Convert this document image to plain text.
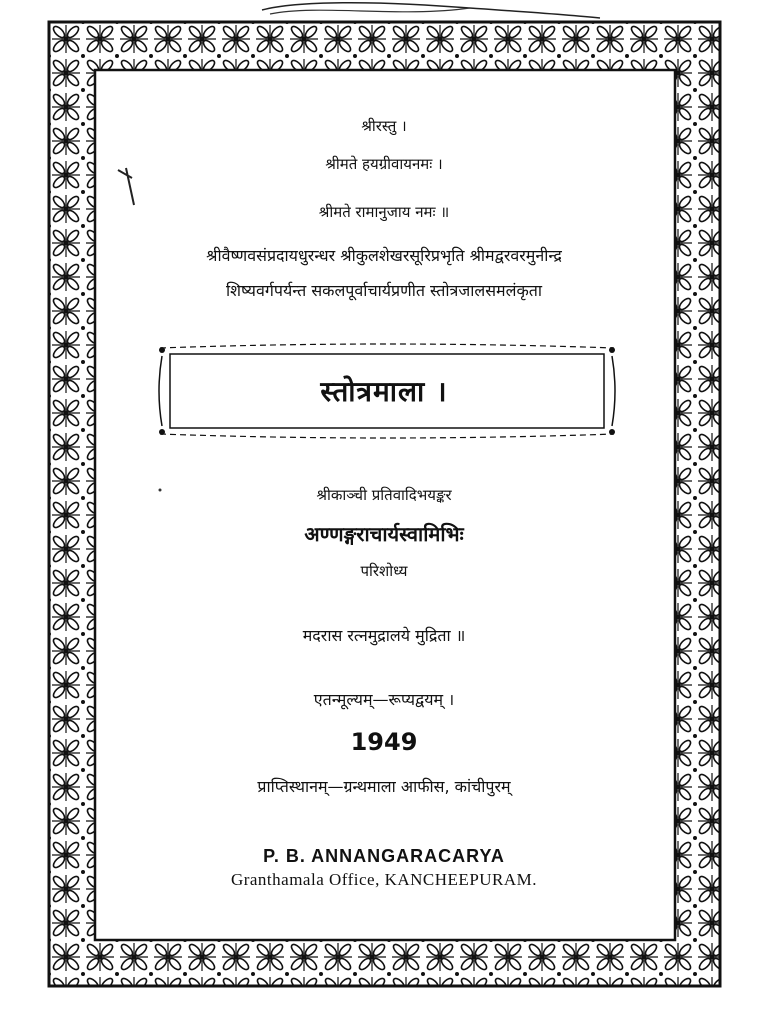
श्रीरस्तु ।
श्रीमते हयग्रीवायनमः ।
श्रीमते रामानुजाय नमः ॥
श्रीवैष्णवसंप्रदायधुरन्धर श्रीकुलशेखरसूरिप्रभृति श्रीमद्वरवरमुनीन्द्र
शिष्यवर्गपर्यन्त सकलपूर्वाचार्यप्रणीत स्तोत्रजालसमलंकृता
स्तोत्रमाला ।
श्रीकाञ्ची प्रतिवादिभयङ्कर
अण्णङ्गराचार्यस्वामिभिः
परिशोध्य
मदरास रत्नमुद्रालये मुद्रिता ॥
एतन्मूल्यम्—रूप्यद्वयम् ।
1949
प्राप्तिस्थानम्—ग्रन्थमाला आफीस, कांचीपुरम्
P. B. ANNANGARACARYA
Granthamala Office, KANCHEEPURAM.
